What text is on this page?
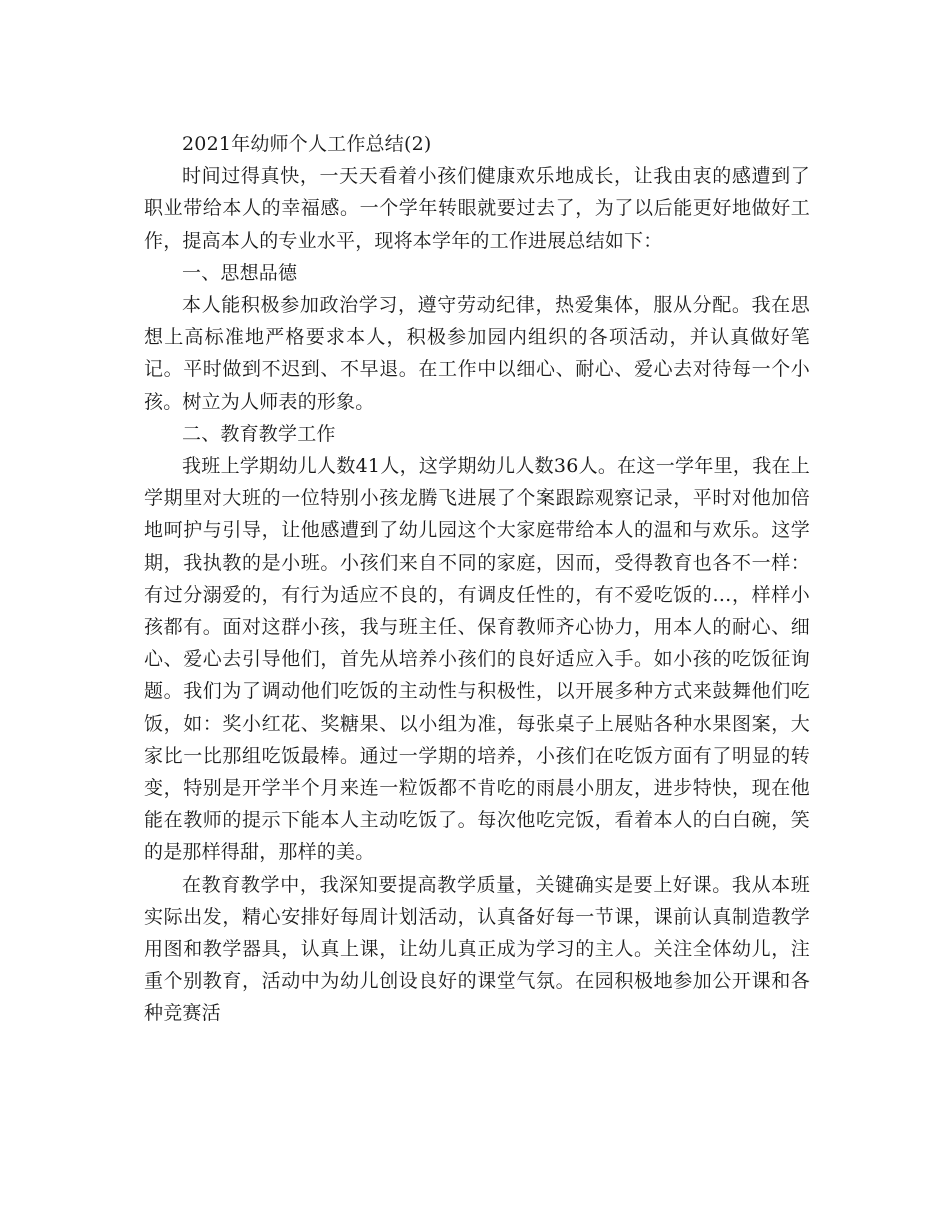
2021年幼师个人工作总结(2)

时间过得真快，一天天看着小孩们健康欢乐地成长，让我由衷的感遭到了职业带给本人的幸福感。一个学年转眼就要过去了，为了以后能更好地做好工作，提高本人的专业水平，现将本学年的工作进展总结如下：

一、思想品德

本人能积极参加政治学习，遵守劳动纪律，热爱集体，服从分配。我在思想上高标准地严格要求本人，积极参加园内组织的各项活动，并认真做好笔记。平时做到不迟到、不早退。在工作中以细心、耐心、爱心去对待每一个小孩。树立为人师表的形象。

二、教育教学工作

我班上学期幼儿人数41人，这学期幼儿人数36人。在这一学年里，我在上学期里对大班的一位特别小孩龙腾飞进展了个案跟踪观察记录，平时对他加倍地呵护与引导，让他感遭到了幼儿园这个大家庭带给本人的温和与欢乐。这学期，我执教的是小班。小孩们来自不同的家庭，因而，受得教育也各不一样：有过分溺爱的，有行为适应不良的，有调皮任性的，有不爱吃饭的…，样样小孩都有。面对这群小孩，我与班主任、保育教师齐心协力，用本人的耐心、细心、爱心去引导他们，首先从培养小孩们的良好适应入手。如小孩的吃饭征询题。我们为了调动他们吃饭的主动性与积极性，以开展多种方式来鼓舞他们吃饭，如：奖小红花、奖糖果、以小组为准，每张桌子上展贴各种水果图案，大家比一比那组吃饭最棒。通过一学期的培养，小孩们在吃饭方面有了明显的转变，特别是开学半个月来连一粒饭都不肯吃的雨晨小朋友，进步特快，现在他能在教师的提示下能本人主动吃饭了。每次他吃完饭，看着本人的白白碗，笑的是那样得甜，那样的美。

在教育教学中，我深知要提高教学质量，关键确实是要上好课。我从本班实际出发，精心安排好每周计划活动，认真备好每一节课，课前认真制造教学用图和教学器具，认真上课，让幼儿真正成为学习的主人。关注全体幼儿，注重个别教育，活动中为幼儿创设良好的课堂气氛。在园积极地参加公开课和各种竞赛活
